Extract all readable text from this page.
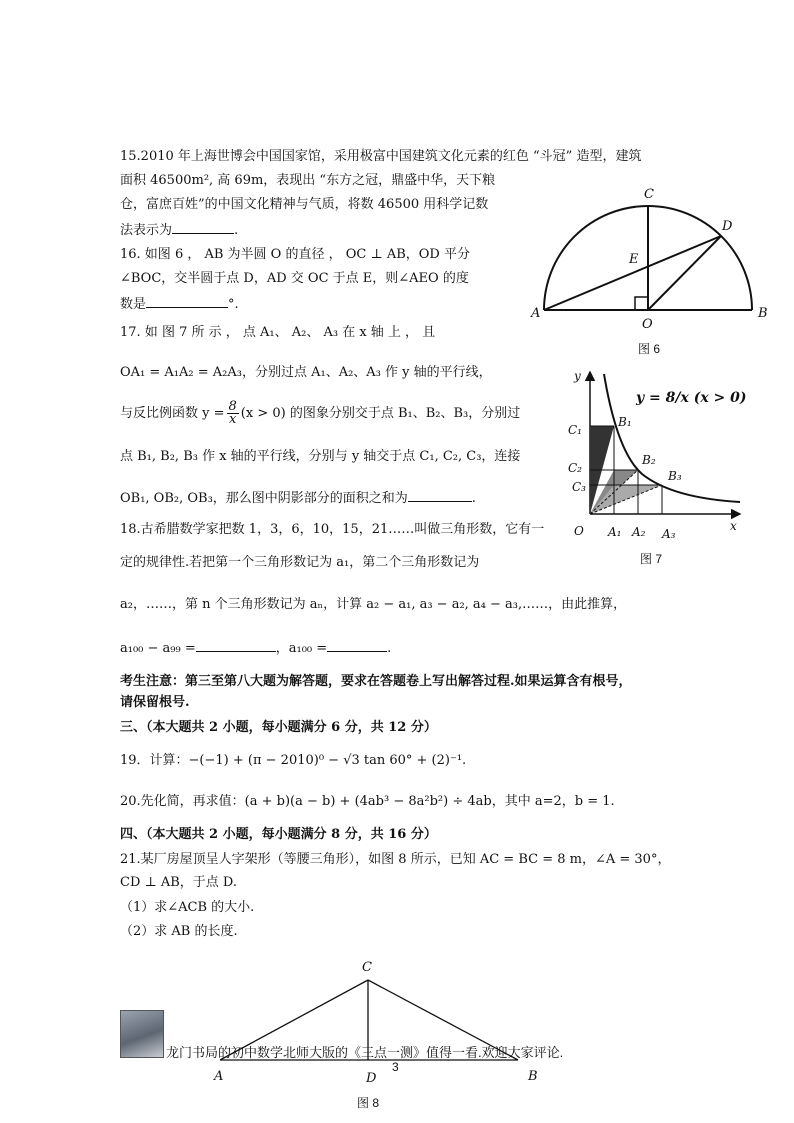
15.2010 年上海世博会中国国家馆，采用极富中国建筑文化元素的红色 “斗冠” 造型，建筑
面积 46500m², 高 69m，表现出 “东方之冠，鼎盛中华，天下粮
仓，富庶百姓”的中国文化精神与气质，将数 46500 用科学记数
法表示为	.
16. 如图 6 ， AB 为半圆 O 的直径 ， OC ⊥ AB，OD 平分
∠BOC，交半圆于点 D，AD 交 OC 于点 E，则∠AEO 的度
数是	°.
17. 如 图 7 所 示 ， 点 A₁、 A₂、 A₃ 在 x 轴 上 ， 且
OA₁ = A₁A₂ = A₂A₃，分别过点 A₁、A₂、A₃ 作 y 轴的平行线，
与反比例函数 $y = \frac{8}{x} (x > 0)$ 的图象分别交于点 B₁、B₂、B₃，分别过
点 B₁, B₂, B₃ 作 x 轴的平行线，分别与 y 轴交于点 C₁, C₂, C₃，连接
OB₁, OB₂, OB₃，那么图中阴影部分的面积之和为	.
18.古希腊数学家把数 1，3，6，10，15，21……叫做三角形数，它有一
定的规律性.若把第一个三角形数记为 a₁，第二个三角形数记为
a₂，……，第 n 个三角形数记为 aₙ，计算 a₂ − a₁, a₃ − a₂, a₄ − a₃,……，由此推算，
a₁₀₀ − a₉₉ =	，a₁₀₀ =	.
考生注意：第三至第八大题为解答题，要求在答题卷上写出解答过程.如果运算含有根号，
请保留根号.
三、（本大题共 2 小题，每小题满分 6 分，共 12 分）
19．计算：−(−1) + (π − 2010)⁰ − √3 tan 60° + (2)⁻¹.
20.先化简，再求值：(a + b)(a − b) + (4ab³ − 8a²b²) ÷ 4ab，其中 a=2，b = 1.
四、（本大题共 2 小题，每小题满分 8 分，共 16 分）
21.某厂房屋顶呈人字架形（等腰三角形），如图 8 所示，已知 AC = BC = 8 m，∠A = 30°，
CD ⊥ AB，于点 D.
（1）求∠ACB 的大小.
（2）求 AB 的长度.
C
D
E
A
O
B
图 6
y = 8/x (x > 0)
y
x
O
B₁
B₂
B₃
C₁
C₂
C₃
A₁ A₂ A₃
图 7
C
A	D	B
龙门书局的初中数学北师大版的《三点一测》值得一看.欢迎大家评论.
3
图 8
